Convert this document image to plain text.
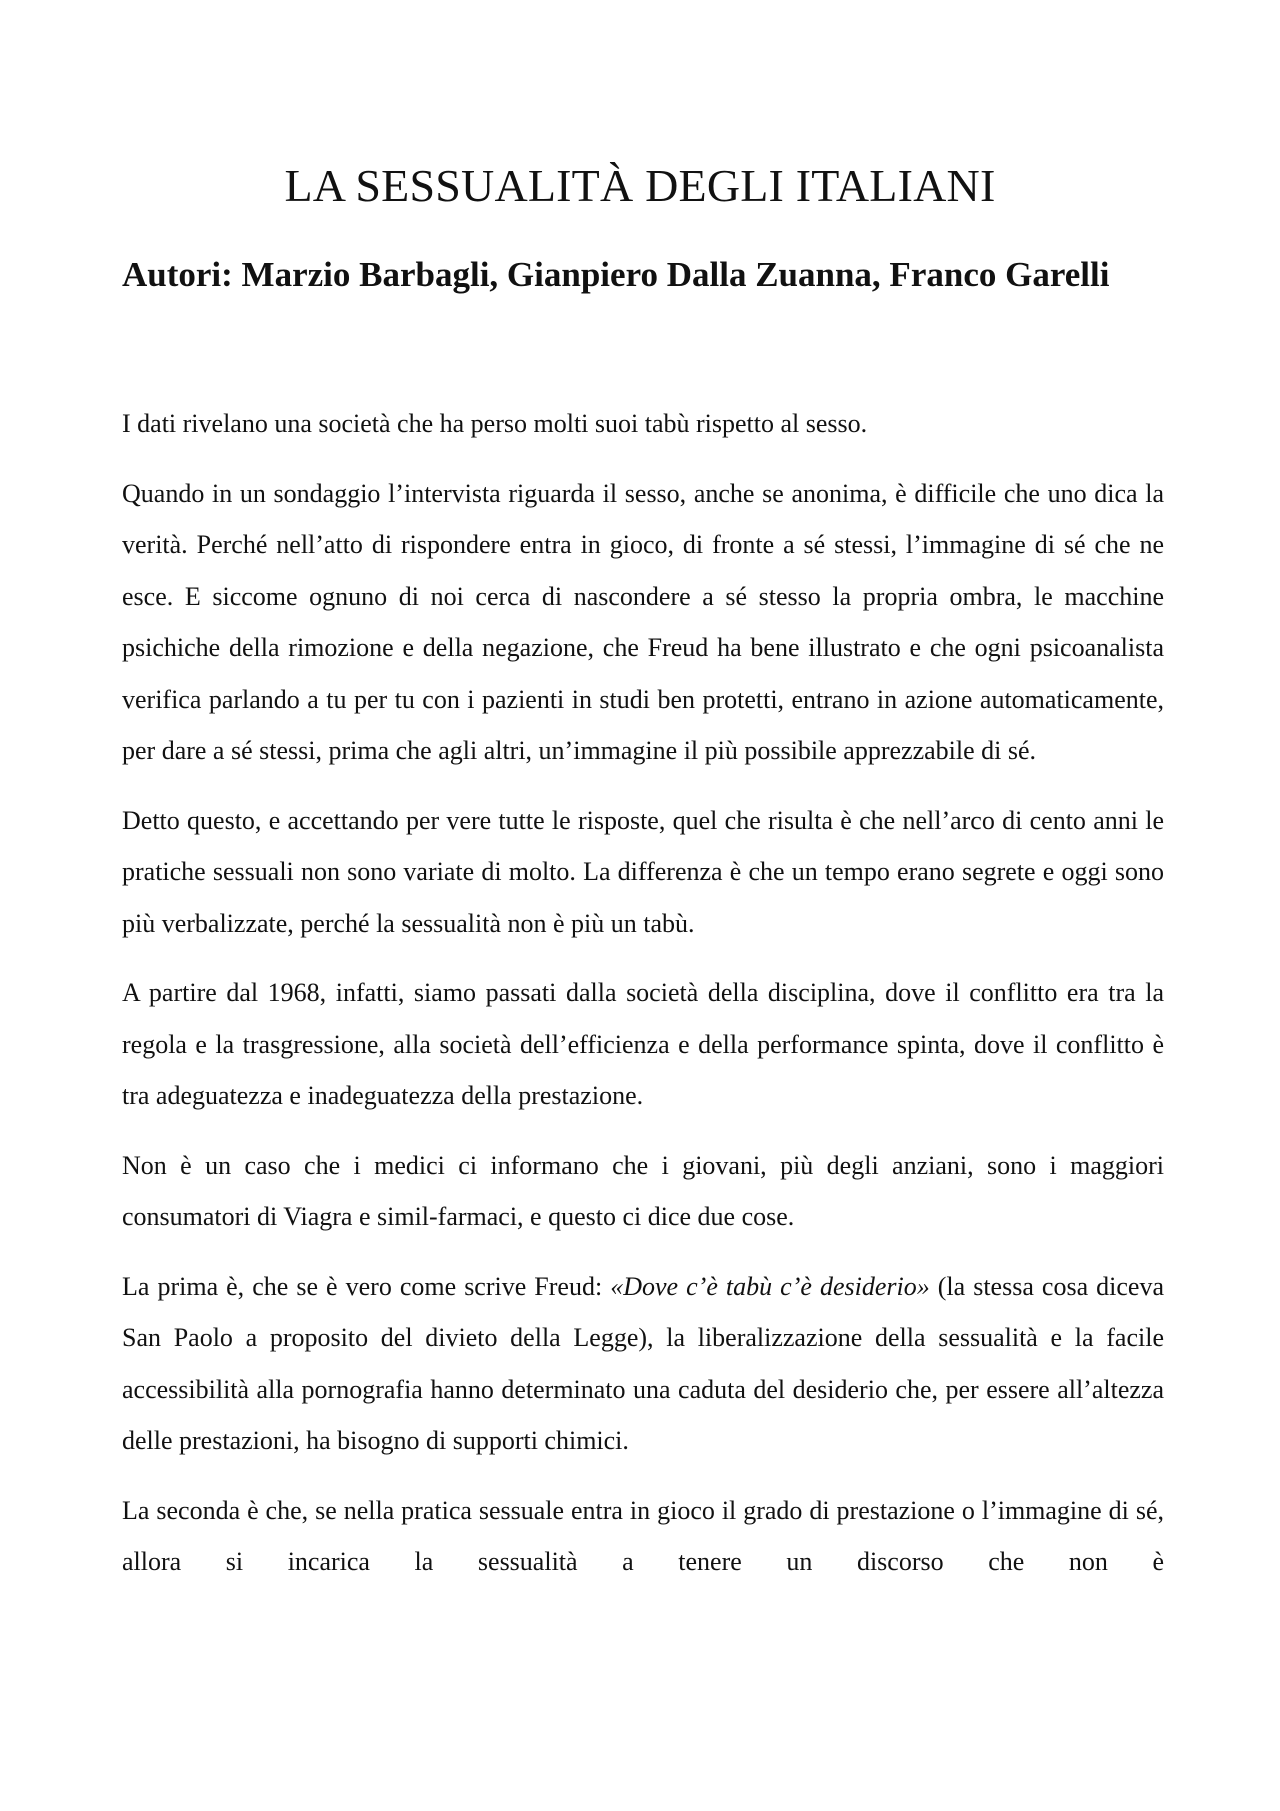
LA SESSUALITÀ DEGLI ITALIANI
Autori: Marzio Barbagli, Gianpiero Dalla Zuanna, Franco Garelli

I dati rivelano una società che ha perso molti suoi tabù rispetto al sesso.

Quando in un sondaggio l’intervista riguarda il sesso, anche se anonima, è difficile che uno dica la verità. Perché nell’atto di rispondere entra in gioco, di fronte a sé stessi, l’immagine di sé che ne esce. E siccome ognuno di noi cerca di nascondere a sé stesso la propria ombra, le macchine psichiche della rimozione e della negazione, che Freud ha bene illustrato e che ogni psicoanalista verifica parlando a tu per tu con i pazienti in studi ben protetti, entrano in azione automaticamente, per dare a sé stessi, prima che agli altri, un’immagine il più possibile apprezzabile di sé.

Detto questo, e accettando per vere tutte le risposte, quel che risulta è che nell’arco di cento anni le pratiche sessuali non sono variate di molto. La differenza è che un tempo erano segrete e oggi sono più verbalizzate, perché la sessualità non è più un tabù.

A partire dal 1968, infatti, siamo passati dalla società della disciplina, dove il conflitto era tra la regola e la trasgressione, alla società dell’efficienza e della performance spinta, dove il conflitto è tra adeguatezza e inadeguatezza della prestazione.

Non è un caso che i medici ci informano che i giovani, più degli anziani, sono i maggiori consumatori di Viagra e simil-farmaci, e questo ci dice due cose.

La prima è, che se è vero come scrive Freud: «Dove c’è tabù c’è desiderio» (la stessa cosa diceva San Paolo a proposito del divieto della Legge), la liberalizzazione della sessualità e la facile accessibilità alla pornografia hanno determinato una caduta del desiderio che, per essere all’altezza delle prestazioni, ha bisogno di supporti chimici.

La seconda è che, se nella pratica sessuale entra in gioco il grado di prestazione o l’immagine di sé, allora si incarica la sessualità a tenere un discorso che non è
